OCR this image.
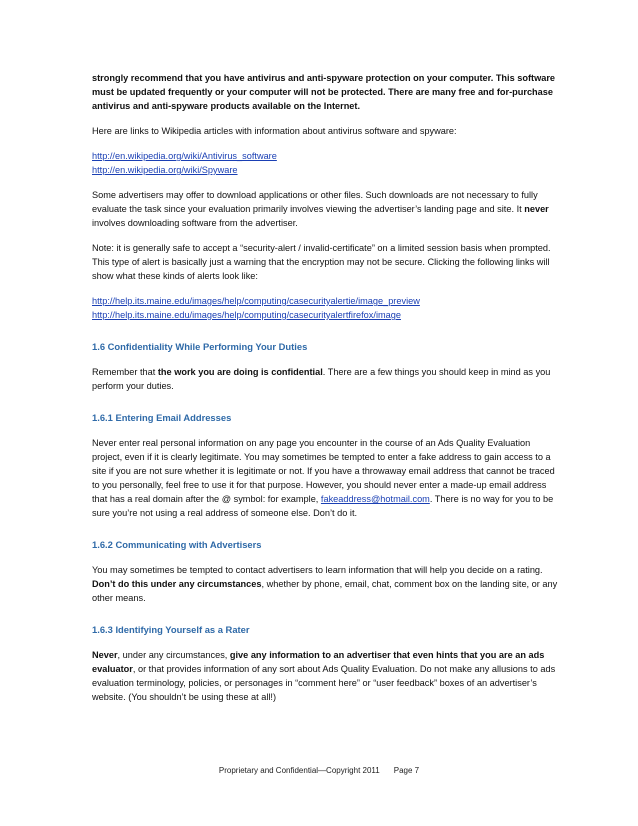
strongly recommend that you have antivirus and anti-spyware protection on your computer. This software must be updated frequently or your computer will not be protected. There are many free and for-purchase antivirus and anti-spyware products available on the Internet.

Here are links to Wikipedia articles with information about antivirus software and spyware:

http://en.wikipedia.org/wiki/Antivirus_software
http://en.wikipedia.org/wiki/Spyware

Some advertisers may offer to download applications or other files. Such downloads are not necessary to fully evaluate the task since your evaluation primarily involves viewing the advertiser’s landing page and site. It never involves downloading software from the advertiser.

Note: it is generally safe to accept a “security-alert / invalid-certificate” on a limited session basis when prompted. This type of alert is basically just a warning that the encryption may not be secure. Clicking the following links will show what these kinds of alerts look like:

http://help.its.maine.edu/images/help/computing/casecurityalertie/image_preview
http://help.its.maine.edu/images/help/computing/casecurityalertfirefox/image

1.6 Confidentiality While Performing Your Duties

Remember that the work you are doing is confidential. There are a few things you should keep in mind as you perform your duties.

1.6.1 Entering Email Addresses

Never enter real personal information on any page you encounter in the course of an Ads Quality Evaluation project, even if it is clearly legitimate. You may sometimes be tempted to enter a fake address to gain access to a site if you are not sure whether it is legitimate or not. If you have a throwaway email address that cannot be traced to you personally, feel free to use it for that purpose. However, you should never enter a made-up email address that has a real domain after the @ symbol: for example, fakeaddress@hotmail.com. There is no way for you to be sure you’re not using a real address of someone else. Don’t do it.

1.6.2 Communicating with Advertisers

You may sometimes be tempted to contact advertisers to learn information that will help you decide on a rating. Don’t do this under any circumstances, whether by phone, email, chat, comment box on the landing site, or any other means.

1.6.3 Identifying Yourself as a Rater

Never, under any circumstances, give any information to an advertiser that even hints that you are an ads evaluator, or that provides information of any sort about Ads Quality Evaluation. Do not make any allusions to ads evaluation terminology, policies, or personages in “comment here” or “user feedback” boxes of an advertiser’s website. (You shouldn’t be using these at all!)

Proprietary and Confidential—Copyright 2011 Page 7
